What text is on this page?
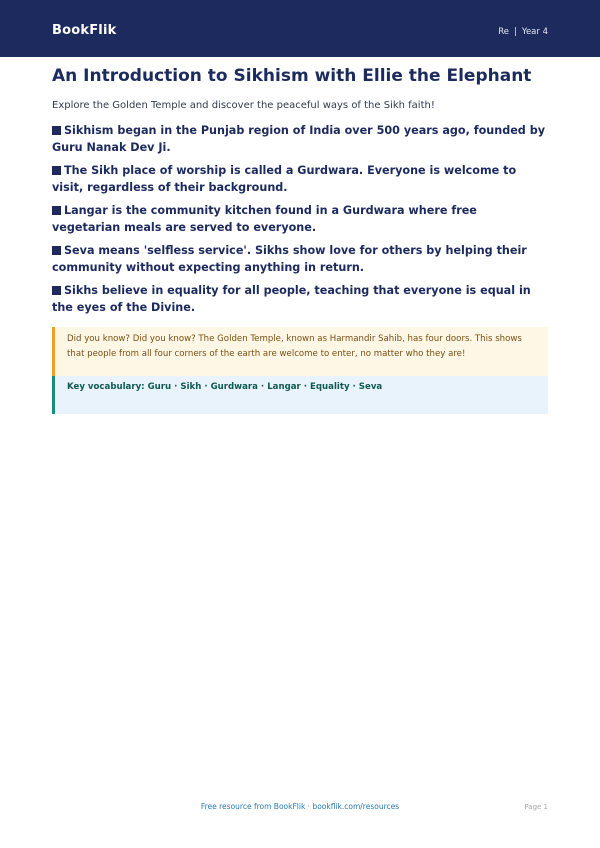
BookFlik	Re | Year 4
An Introduction to Sikhism with Ellie the Elephant
Explore the Golden Temple and discover the peaceful ways of the Sikh faith!
Sikhism began in the Punjab region of India over 500 years ago, founded by Guru Nanak Dev Ji.
The Sikh place of worship is called a Gurdwara. Everyone is welcome to visit, regardless of their background.
Langar is the community kitchen found in a Gurdwara where free vegetarian meals are served to everyone.
Seva means 'selfless service'. Sikhs show love for others by helping their community without expecting anything in return.
Sikhs believe in equality for all people, teaching that everyone is equal in the eyes of the Divine.
Did you know? Did you know? The Golden Temple, known as Harmandir Sahib, has four doors. This shows that people from all four corners of the earth are welcome to enter, no matter who they are!
Key vocabulary: Guru · Sikh · Gurdwara · Langar · Equality · Seva
Free resource from BookFlik · bookflik.com/resources	Page 1
